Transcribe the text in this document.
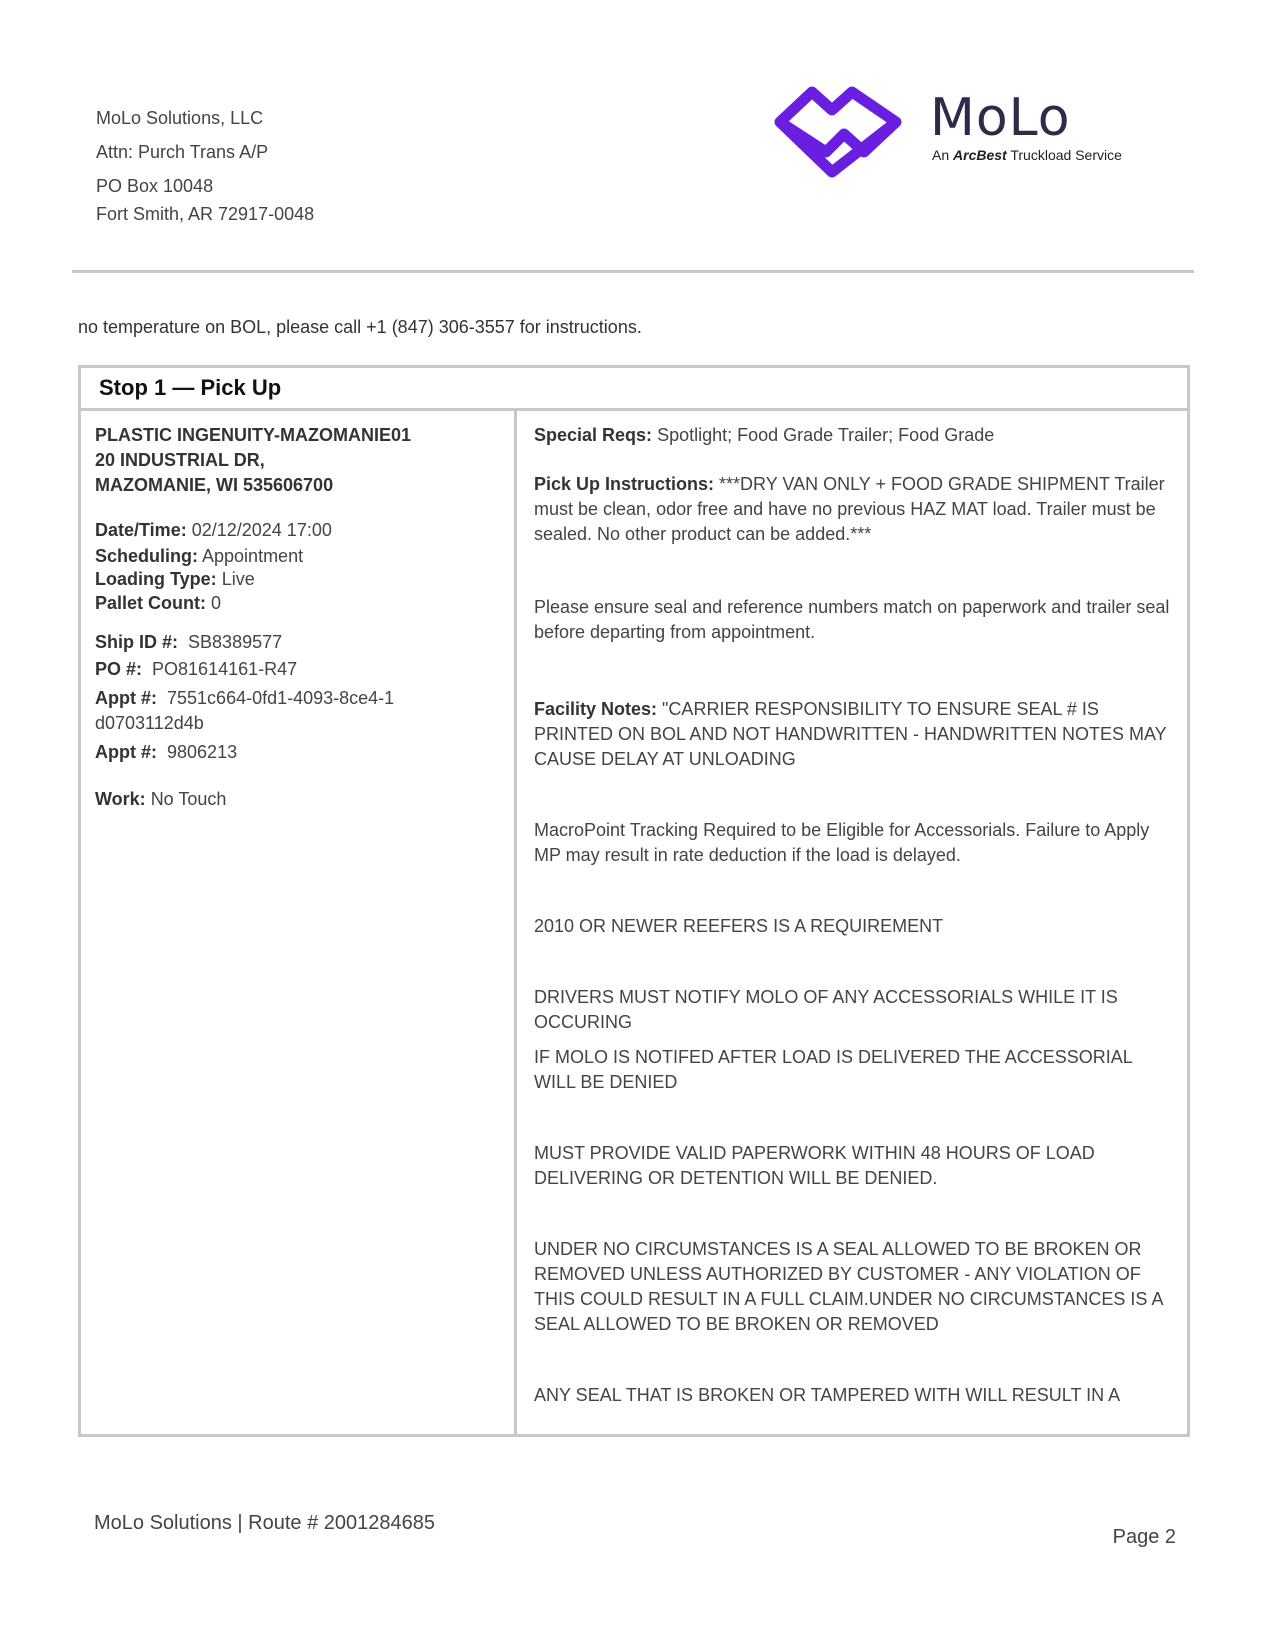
MoLo Solutions, LLC
Attn: Purch Trans A/P
PO Box 10048
Fort Smith, AR 72917-0048
MoLo
An ArcBest Truckload Service
no temperature on BOL, please call +1 (847) 306-3557 for instructions.
Stop 1 — Pick Up
PLASTIC INGENUITY-MAZOMANIE01
20 INDUSTRIAL DR,
MAZOMANIE, WI 535606700
Date/Time: 02/12/2024 17:00
Scheduling: Appointment
Loading Type: Live
Pallet Count: 0
Ship ID #: SB8389577
PO #: PO81614161-R47
Appt #: 7551c664-0fd1-4093-8ce4-1d0703112d4b
Appt #: 9806213
Work: No Touch
Special Reqs: Spotlight; Food Grade Trailer; Food Grade
Pick Up Instructions: ***DRY VAN ONLY + FOOD GRADE SHIPMENT Trailer must be clean, odor free and have no previous HAZ MAT load. Trailer must be sealed. No other product can be added.***
Please ensure seal and reference numbers match on paperwork and trailer seal before departing from appointment.
Facility Notes: "CARRIER RESPONSIBILITY TO ENSURE SEAL # IS PRINTED ON BOL AND NOT HANDWRITTEN - HANDWRITTEN NOTES MAY CAUSE DELAY AT UNLOADING
MacroPoint Tracking Required to be Eligible for Accessorials. Failure to Apply MP may result in rate deduction if the load is delayed.
2010 OR NEWER REEFERS IS A REQUIREMENT
DRIVERS MUST NOTIFY MOLO OF ANY ACCESSORIALS WHILE IT IS OCCURING
IF MOLO IS NOTIFED AFTER LOAD IS DELIVERED THE ACCESSORIAL WILL BE DENIED
MUST PROVIDE VALID PAPERWORK WITHIN 48 HOURS OF LOAD DELIVERING OR DETENTION WILL BE DENIED.
UNDER NO CIRCUMSTANCES IS A SEAL ALLOWED TO BE BROKEN OR REMOVED UNLESS AUTHORIZED BY CUSTOMER - ANY VIOLATION OF THIS COULD RESULT IN A FULL CLAIM.UNDER NO CIRCUMSTANCES IS A SEAL ALLOWED TO BE BROKEN OR REMOVED
ANY SEAL THAT IS BROKEN OR TAMPERED WITH WILL RESULT IN A
MoLo Solutions | Route # 2001284685
Page 2
